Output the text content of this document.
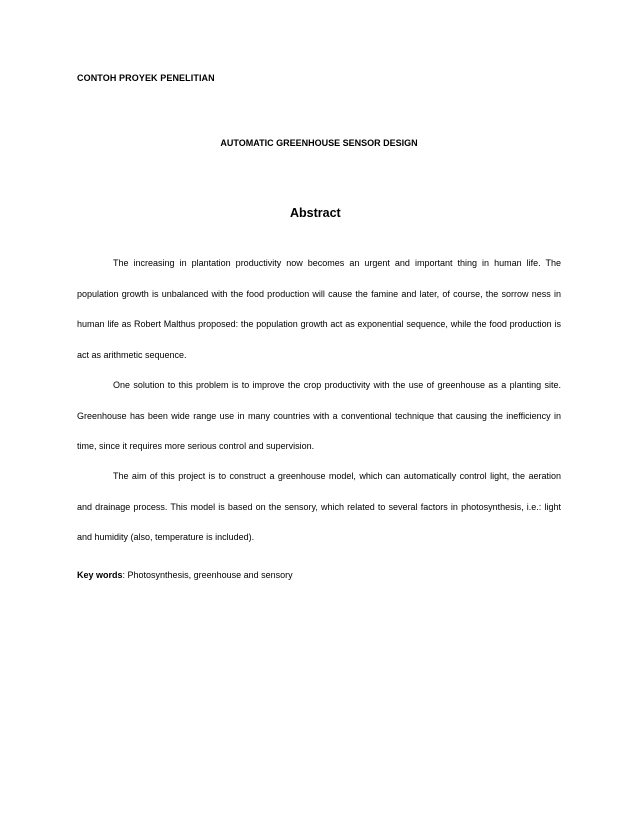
CONTOH PROYEK PENELITIAN
AUTOMATIC GREENHOUSE SENSOR DESIGN
Abstract

The increasing in plantation productivity now becomes an urgent and important thing in human life. The population growth is unbalanced with the food production will cause the famine and later, of course, the sorrow ness in human life as Robert Malthus proposed: the population growth act as exponential sequence, while the food production is act as arithmetic sequence.

One solution to this problem is to improve the crop productivity with the use of greenhouse as a planting site. Greenhouse has been wide range use in many countries with a conventional technique that causing the inefficiency in time, since it requires more serious control and supervision.

The aim of this project is to construct a greenhouse model, which can automatically control light, the aeration and drainage process. This model is based on the sensory, which related to several factors in photosynthesis, i.e.: light and humidity (also, temperature is included).

Key words: Photosynthesis, greenhouse and sensory
